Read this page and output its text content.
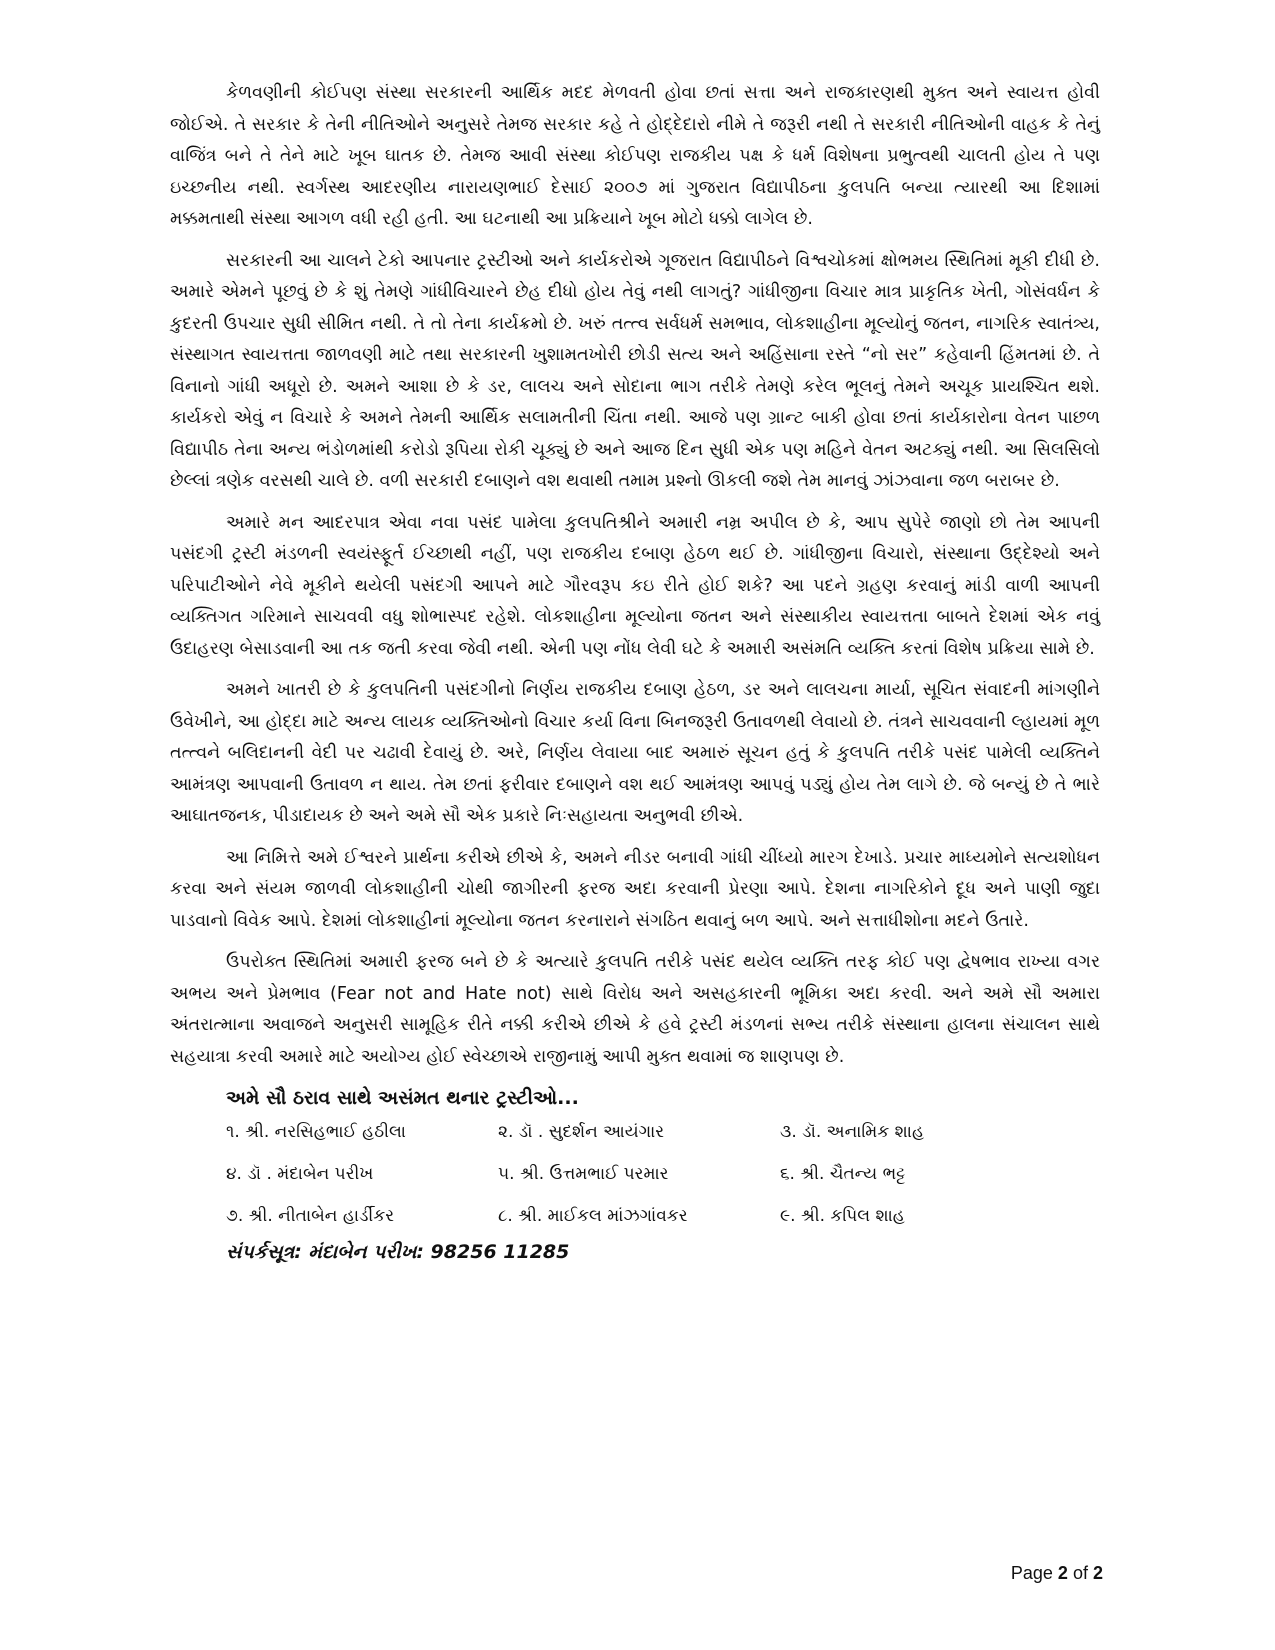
કેળવણીની કોઈપણ સંસ્થા સરકારની આર્થિક મદદ મેળવતી હોવા છતાં સત્તા અને રાજકારણથી મુક્ત અને સ્વાયત્ત હોવી જોઈએ. તે સરકાર કે તેની નીતિઓને અનુસરે તેમજ સરકાર કહે તે હોદ્દેદારો નીમે તે જરૂરી નથી તે સરકારી નીતિઓની વાહક કે તેનું વાજિંત્ર બને તે તેને માટે ખૂબ ઘાતક છે. તેમજ આવી સંસ્થા કોઈપણ રાજકીય પક્ષ કે ધર્મ વિશેષના પ્રભુત્વથી ચાલતી હોય તે પણ ઇચ્છનીય નથી. સ્વર્ગસ્થ આદરણીય નારાયણભાઈ દેસાઈ ૨૦૦૭ માં ગુજરાત વિદ્યાપીઠના કુલપતિ બન્યા ત્યારથી આ દિશામાં મક્કમતાથી સંસ્થા આગળ વધી રહી હતી. આ ઘટનાથી આ પ્રક્રિયાને ખૂબ મોટો ધક્કો લાગેલ છે.

સરકારની આ ચાલને ટેકો આપનાર ટ્રસ્ટીઓ અને કાર્યકરોએ ગૂજરાત વિદ્યાપીઠને વિશ્વચોકમાં ક્ષોભમય સ્થિતિમાં મૂકી દીધી છે. અમારે એમને પૂછવું છે કે શું તેમણે ગાંધીવિચારને છેહ દીધો હોય તેવું નથી લાગતું? ગાંધીજીના વિચાર માત્ર પ્રાકૃતિક ખેતી, ગોસંવર્ધન કે કુદરતી ઉપચાર સુધી સીમિત નથી. તે તો તેના કાર્યક્રમો છે. ખરું તત્ત્વ સર્વધર્મ સમભાવ, લોકશાહીના મૂલ્યોનું જતન, નાગરિક સ્વાતંત્ર્ય, સંસ્થાગત સ્વાયત્તતા જાળવણી માટે તથા સરકારની ખુશામતખોરી છોડી સત્ય અને અહિંસાના રસ્તે “નો સર” કહેવાની હિંમતમાં છે. તે વિનાનો ગાંધી અધૂરો છે. અમને આશા છે કે ડર, લાલચ અને સોદાના ભાગ તરીકે તેમણે કરેલ ભૂલનું તેમને અચૂક પ્રાયશ્ચિત થશે. કાર્યકરો એવું ન વિચારે કે અમને તેમની આર્થિક સલામતીની ચિંતા નથી. આજે પણ ગ્રાન્ટ બાકી હોવા છતાં કાર્યકારોના વેતન પાછળ વિદ્યાપીઠ તેના અન્ય ભંડોળમાંથી કરોડો રૂપિયા રોકી ચૂક્યું છે અને આજ દિન સુધી એક પણ મહિને વેતન અટક્યું નથી. આ સિલસિલો છેલ્લાં ત્રણેક વરસથી ચાલે છે. વળી સરકારી દબાણને વશ થવાથી તમામ પ્રશ્નો ઊકલી જશે તેમ માનવું ઝાંઝવાના જળ બરાબર છે.

અમારે મન આદરપાત્ર એવા નવા પસંદ પામેલા કુલપતિશ્રીને અમારી નમ્ર અપીલ છે કે, આપ સુપેરે જાણો છો તેમ આપની પસંદગી ટ્રસ્ટી મંડળની સ્વયંસ્ફૂર્ત ઈચ્છાથી નહીં, પણ રાજકીય દબાણ હેઠળ થઈ છે. ગાંધીજીના વિચારો, સંસ્થાના ઉદ્દેશ્યો અને પરિપાટીઓને નેવે મૂકીને થયેલી પસંદગી આપને માટે ગૌરવરૂપ કઇ રીતે હોઈ શકે? આ પદને ગ્રહણ કરવાનું માંડી વાળી આપની વ્યક્તિગત ગરિમાને સાચવવી વધુ શોભાસ્પદ રહેશે. લોકશાહીના મૂલ્યોના જતન અને સંસ્થાકીય સ્વાયત્તતા બાબતે દેશમાં એક નવું ઉદાહરણ બેસાડવાની આ તક જતી કરવા જેવી નથી. એની પણ નોંધ લેવી ઘટે કે અમારી અસંમતિ વ્યક્તિ કરતાં વિશેષ પ્રક્રિયા સામે છે.

અમને ખાતરી છે કે કુલપતિની પસંદગીનો નિર્ણય રાજકીય દબાણ હેઠળ, ડર અને લાલચના માર્યા, સૂચિત સંવાદની માંગણીને ઉવેખીને, આ હોદ્દા માટે અન્ય લાયક વ્યક્તિઓનો વિચાર કર્યા વિના બિનજરૂરી ઉતાવળથી લેવાયો છે. તંત્રને સાચવવાની લ્હાયમાં મૂળ તત્ત્વને બલિદાનની વેદી પર ચઢાવી દેવાયું છે. અરે, નિર્ણય લેવાયા બાદ અમારું સૂચન હતું કે કુલપતિ તરીકે પસંદ પામેલી વ્યક્તિને આમંત્રણ આપવાની ઉતાવળ ન થાય. તેમ છતાં ફરીવાર દબાણને વશ થઈ આમંત્રણ આપવું પડ્યું હોય તેમ લાગે છે. જે બન્યું છે તે ભારે આઘાતજનક, પીડાદાયક છે અને અમે સૌ એક પ્રકારે નિઃસહાયતા અનુભવી છીએ.

આ નિમિત્તે અમે ઈશ્વરને પ્રાર્થના કરીએ છીએ કે, અમને નીડર બનાવી ગાંધી ચીંધ્યો મારગ દેખાડે. પ્રચાર માધ્યમોને સત્યશોધન કરવા અને સંયમ જાળવી લોકશાહીની ચોથી જાગીરની ફરજ અદા કરવાની પ્રેરણા આપે. દેશના નાગરિકોને દૂધ અને પાણી જુદા પાડવાનો વિવેક આપે. દેશમાં લોકશાહીનાં મૂલ્યોના જતન કરનારાને સંગઠિત થવાનું બળ આપે. અને સત્તાધીશોના મદને ઉતારે.

ઉપરોક્ત સ્થિતિમાં અમારી ફરજ બને છે કે અત્યારે કુલપતિ તરીકે પસંદ થયેલ વ્યક્તિ તરફ કોઈ પણ દ્વેષભાવ રાખ્યા વગર અભય અને પ્રેમભાવ (Fear not and Hate not) સાથે વિરોધ અને અસહકારની ભૂમિકા અદા કરવી. અને અમે સૌ અમારા અંતરાત્માના અવાજને અનુસરી સામૂહિક રીતે નક્કી કરીએ છીએ કે હવે ટ્રસ્ટી મંડળનાં સભ્ય તરીકે સંસ્થાના હાલના સંચાલન સાથે સહયાત્રા કરવી અમારે માટે અયોગ્ય હોઈ સ્વેચ્છાએ રાજીનામું આપી મુક્ત થવામાં જ શાણપણ છે.

અમે સૌ ઠરાવ સાથે અસંમત થનાર ટ્રસ્ટીઓ...
૧. શ્રી. નરસિહભાઈ હઠીલા	૨. ડૉ . સુદર્શન આયંગાર	૩. ડૉ. અનામિક શાહ
૪. ડૉ . મંદાબેન પરીખ	૫. શ્રી. ઉત્તમભાઈ પરમાર	૬. શ્રી. ચૈતન્ય ભટ્ટ
૭. શ્રી. નીતાબેન હાર્ડીકર	૮. શ્રી. માઈકલ માંઝગાંવકર	૯. શ્રી. કપિલ શાહ
સંપર્કસૂત્ર: મંદાબેન પરીખ: 98256 11285
Page 2 of 2
